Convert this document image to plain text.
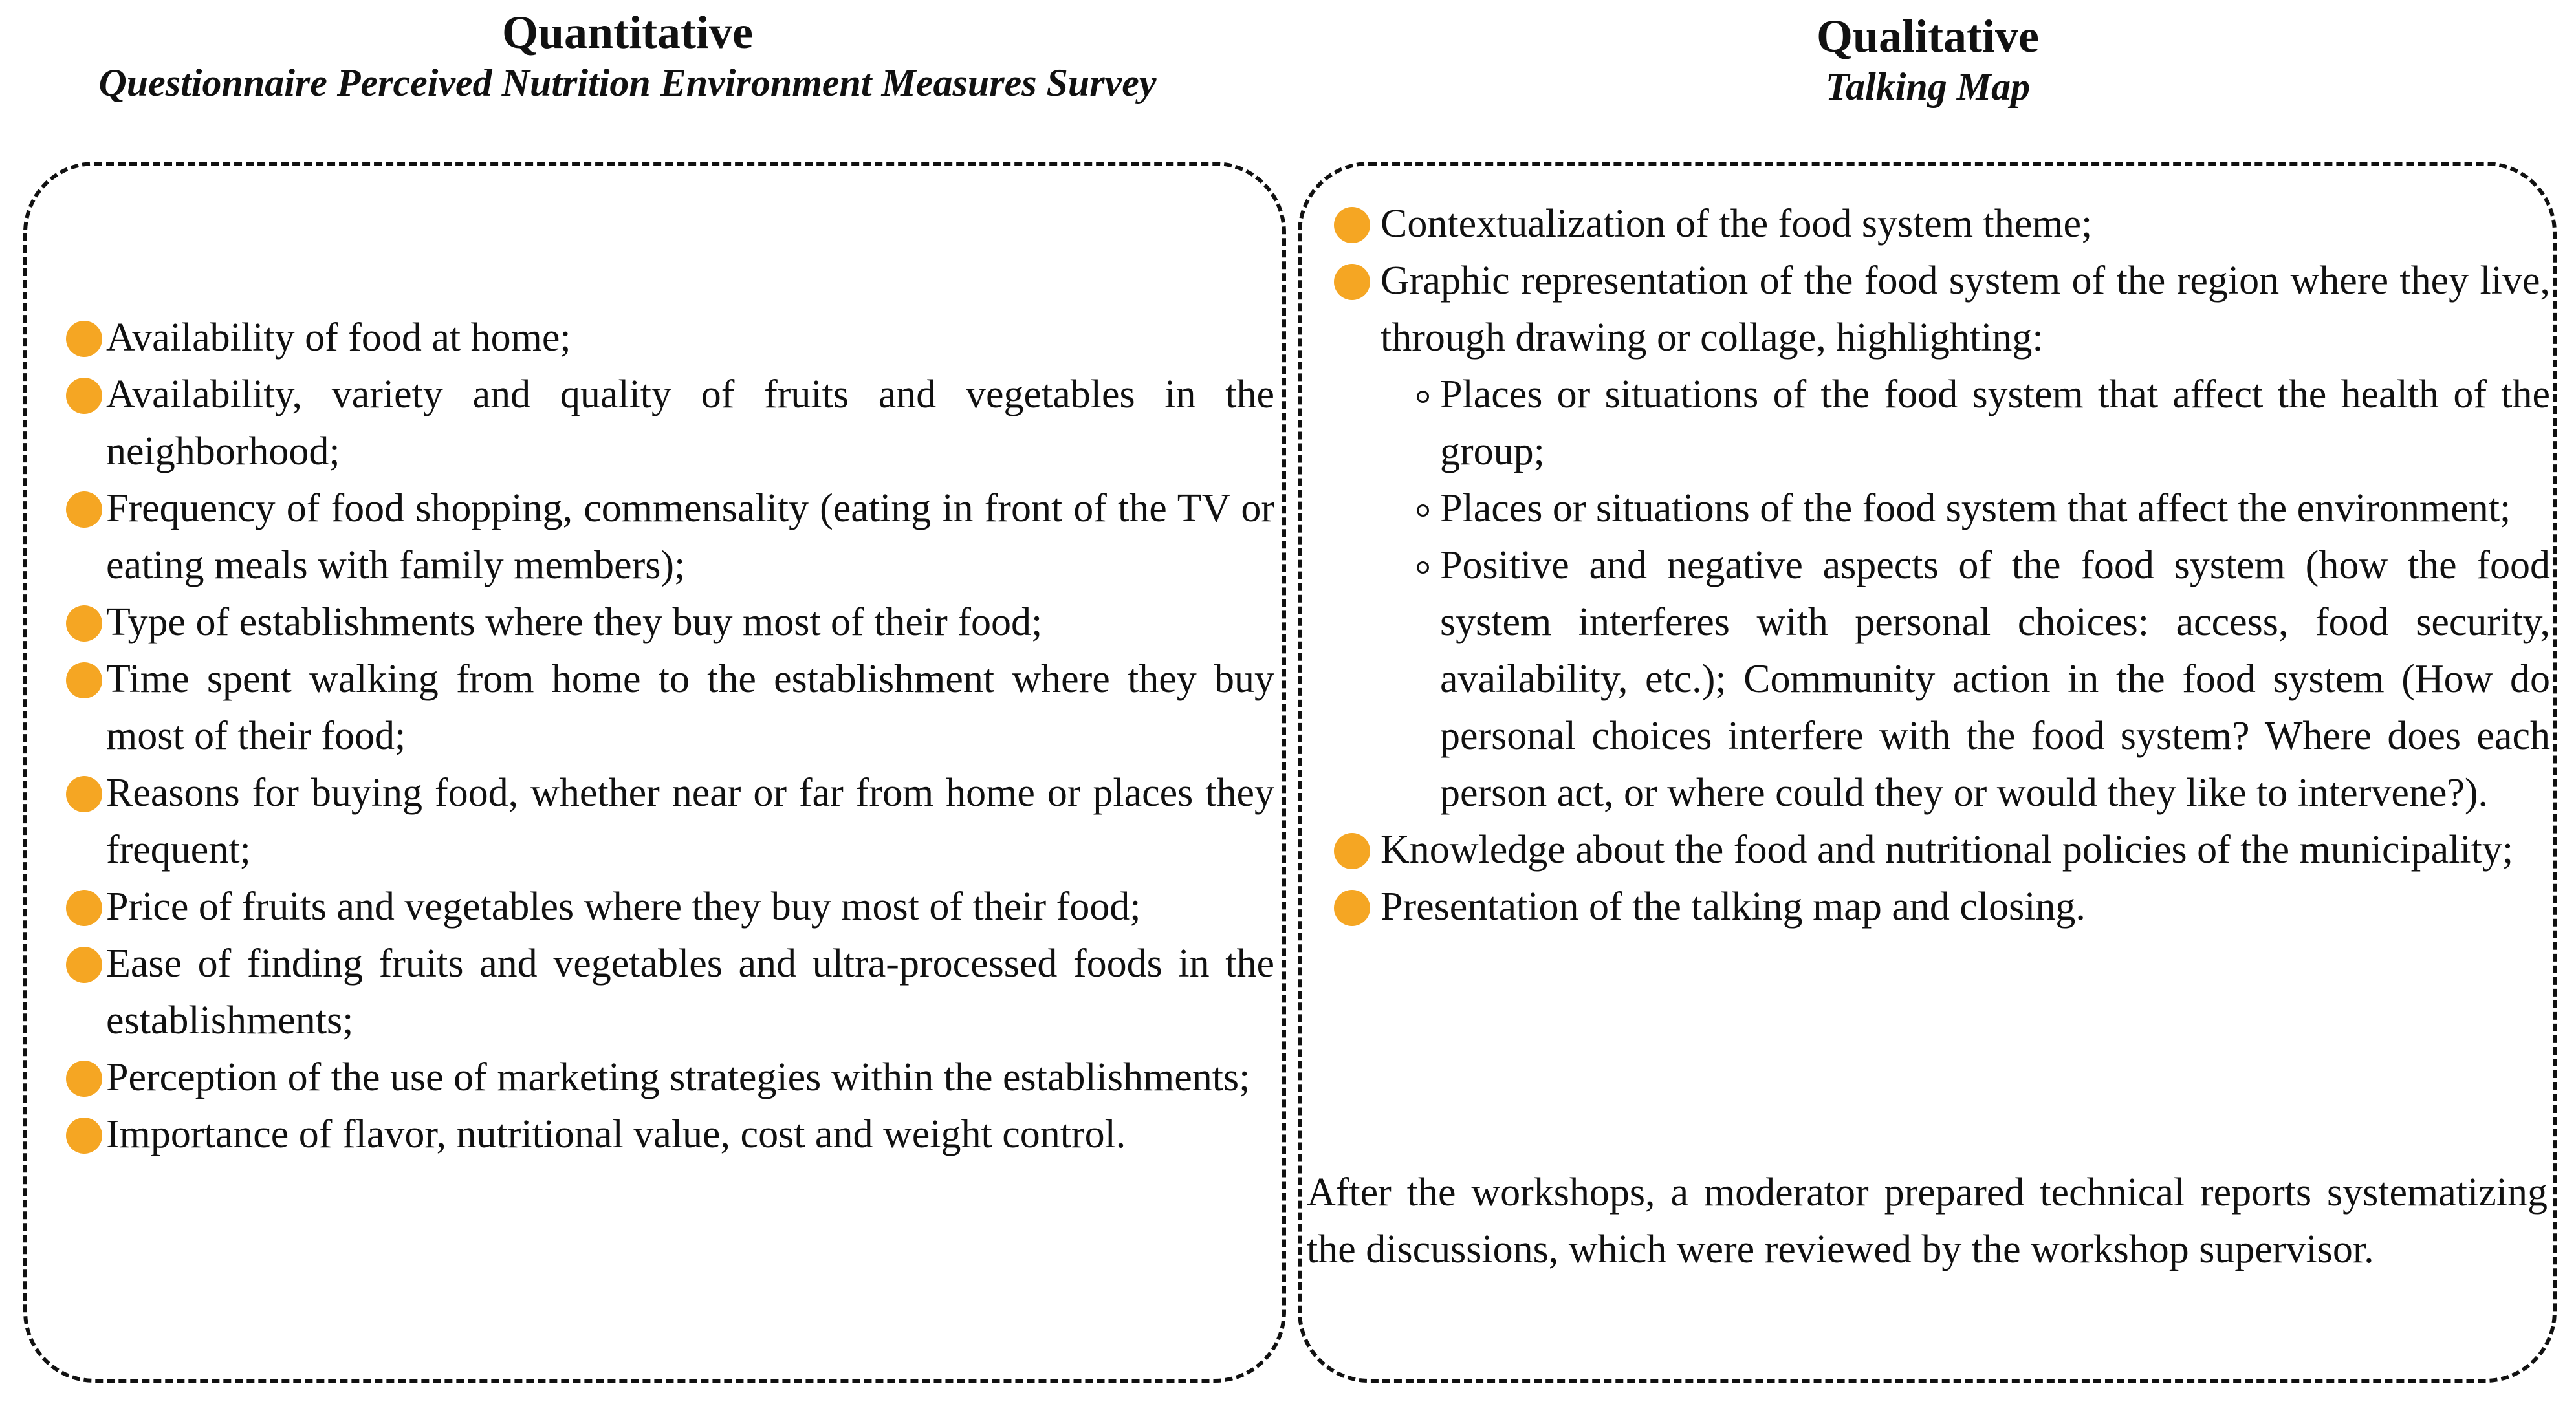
Quantitative
Questionnaire Perceived Nutrition Environment Measures Survey
Qualitative
Talking Map
Availability of food at home;
Availability, variety and quality of fruits and vegetables in the neighborhood;
Frequency of food shopping, commensality (eating in front of the TV or eating meals with family members);
Type of establishments where they buy most of their food;
Time spent walking from home to the establishment where they buy most of their food;
Reasons for buying food, whether near or far from home or places they frequent;
Price of fruits and vegetables where they buy most of their food;
Ease of finding fruits and vegetables and ultra-processed foods in the establishments;
Perception of the use of marketing strategies within the establishments;
Importance of flavor, nutritional value, cost and weight control.
Contextualization of the food system theme;
Graphic representation of the food system of the region where they live, through drawing or collage, highlighting:
Places or situations of the food system that affect the health of the group;
Places or situations of the food system that affect the environment;
Positive and negative aspects of the food system (how the food system interferes with personal choices: access, food security, availability, etc.); Community action in the food system (How do personal choices interfere with the food system? Where does each person act, or where could they or would they like to intervene?).
Knowledge about the food and nutritional policies of the municipality;
Presentation of the talking map and closing.
After the workshops, a moderator prepared technical reports systematizing the discussions, which were reviewed by the workshop supervisor.
